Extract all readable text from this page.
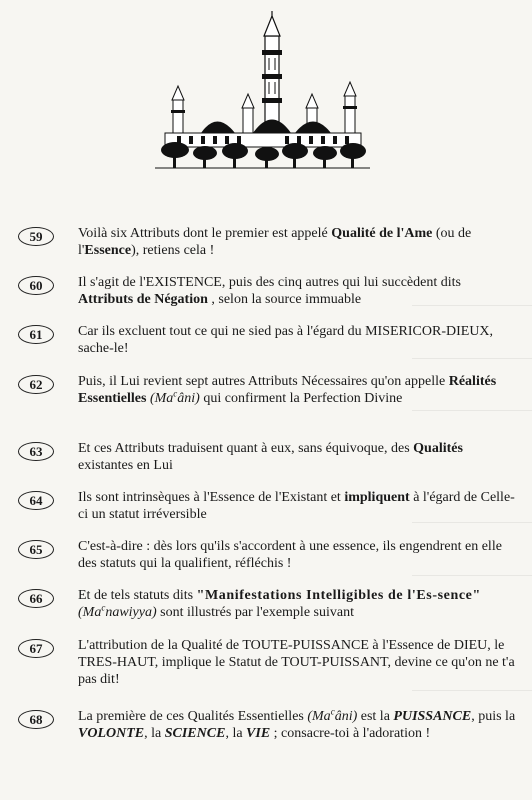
59	Voilà six Attributs dont le premier est appelé Qualité de l'Ame (ou de l'Essence), retiens cela !
60	Il s'agit de l'EXISTENCE, puis des cinq autres qui lui succèdent dits Attributs de Négation , selon la source immuable
61	Car ils excluent tout ce qui ne sied pas à l'égard du MISERICOR-DIEUX, sache-le!
62	Puis, il Lui revient sept autres Attributs Nécessaires qu'on appelle Réalités Essentielles (Ma$^c$âni) qui confirment la Perfection Divine
63	Et ces Attributs traduisent quant à eux, sans équivoque, des Qualités existantes en Lui
64	Ils sont intrinsèques à l'Essence de l'Existant et impliquent à l'égard de Celle-ci un statut irréversible
65	C'est-à-dire : dès lors qu'ils s'accordent à une essence, ils engendrent en elle des statuts qui la qualifient, réfléchis !
66	Et de tels statuts dits "Manifestations Intelligibles de l'Es-sence" (Ma$^c$nawiyya) sont illustrés par l'exemple suivant
67	L'attribution de la Qualité de TOUTE-PUISSANCE à l'Essence de DIEU, le TRES-HAUT, implique le Statut de TOUT-PUISSANT, devine ce qu'on ne t'a pas dit!
68	La première de ces Qualités Essentielles (Ma$^c$âni) est la PUISSANCE, puis la VOLONTE, la SCIENCE, la VIE ; consacre-toi à l'adoration !
